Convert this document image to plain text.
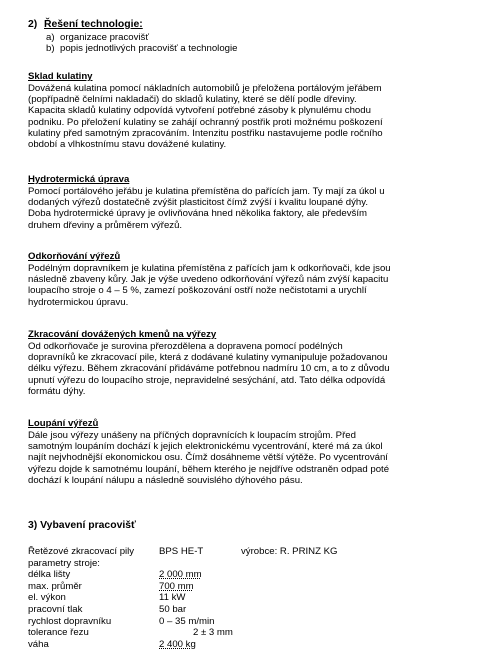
2) Řešení technologie:
a) organizace pracovišť
b) popis jednotlivých pracovišť a technologie
Sklad kulatiny
Dovážená kulatina pomocí nákladních automobilů je přeložena portálovým jeřábem
(popřípadně čelními nakladači) do skladů kulatiny, které se dělí podle dřeviny.
Kapacita skladů kulatiny odpovídá vytvoření potřebné zásoby k plynulému chodu
podniku. Po přeložení kulatiny se zahájí ochranný postřik proti možnému poškození
kulatiny před samotným zpracováním. Intenzitu postřiku nastavujeme podle ročního
období a vlhkostnímu stavu dovážené kulatiny.
Hydrotermická úprava
Pomocí portálového jeřábu je kulatina přemístěna do pařících jam. Ty mají za úkol u
dodaných výřezů dostatečně zvýšit plasticitost čímž zvýší i kvalitu loupané dýhy.
Doba hydrotermické úpravy je ovlivňována hned několika faktory, ale především
druhem dřeviny a průměrem výřezů.
Odkorňování výřezů
Podélným dopravníkem je kulatina přemístěna z pařících jam k odkorňovači, kde jsou
následně zbaveny kůry. Jak je výše uvedeno odkorňování výřezů nám zvýší kapacitu
loupacího stroje o 4 – 5 %, zamezí poškozování ostří nože nečistotami a urychlí
hydrotermickou úpravu.
Zkracování dovážených kmenů na výřezy
Od odkorňovače je surovina přerozdělena a dopravena pomocí podélných
dopravníků ke zkracovací pile, která z dodávané kulatiny vymanipuluje požadovanou
délku výřezu. Během zkracování přidáváme potřebnou nadmíru 10 cm, a to z důvodu
upnutí výřezu do loupacího stroje, nepravidelné sesýchání, atd. Tato délka odpovídá
formátu dýhy.
Loupání výřezů
Dále jsou výřezy unášeny na příčných dopravnících k loupacím strojům. Před
samotným loupáním dochází k jejich elektronickému vycentrování, které má za úkol
najít nejvhodnější ekonomickou osu. Čímž dosáhneme větší výtěže. Po vycentrování
výřezu dojde k samotnému loupání, během kterého je nejdříve odstraněn odpad poté
dochází k loupání nálupu a následně souvislého dýhového pásu.
3) Vybavení pracovišť
Řetězové zkracovací pily	BPS HE-T	výrobce: R. PRINZ KG
parametry stroje:
délka lišty	2 000 mm
max. průměr	700 mm
el. výkon	11 kW
pracovní tlak	50 bar
rychlost dopravníku	0 – 35 m/min
tolerance řezu	2 ± 3 mm
váha	2 400 kg
